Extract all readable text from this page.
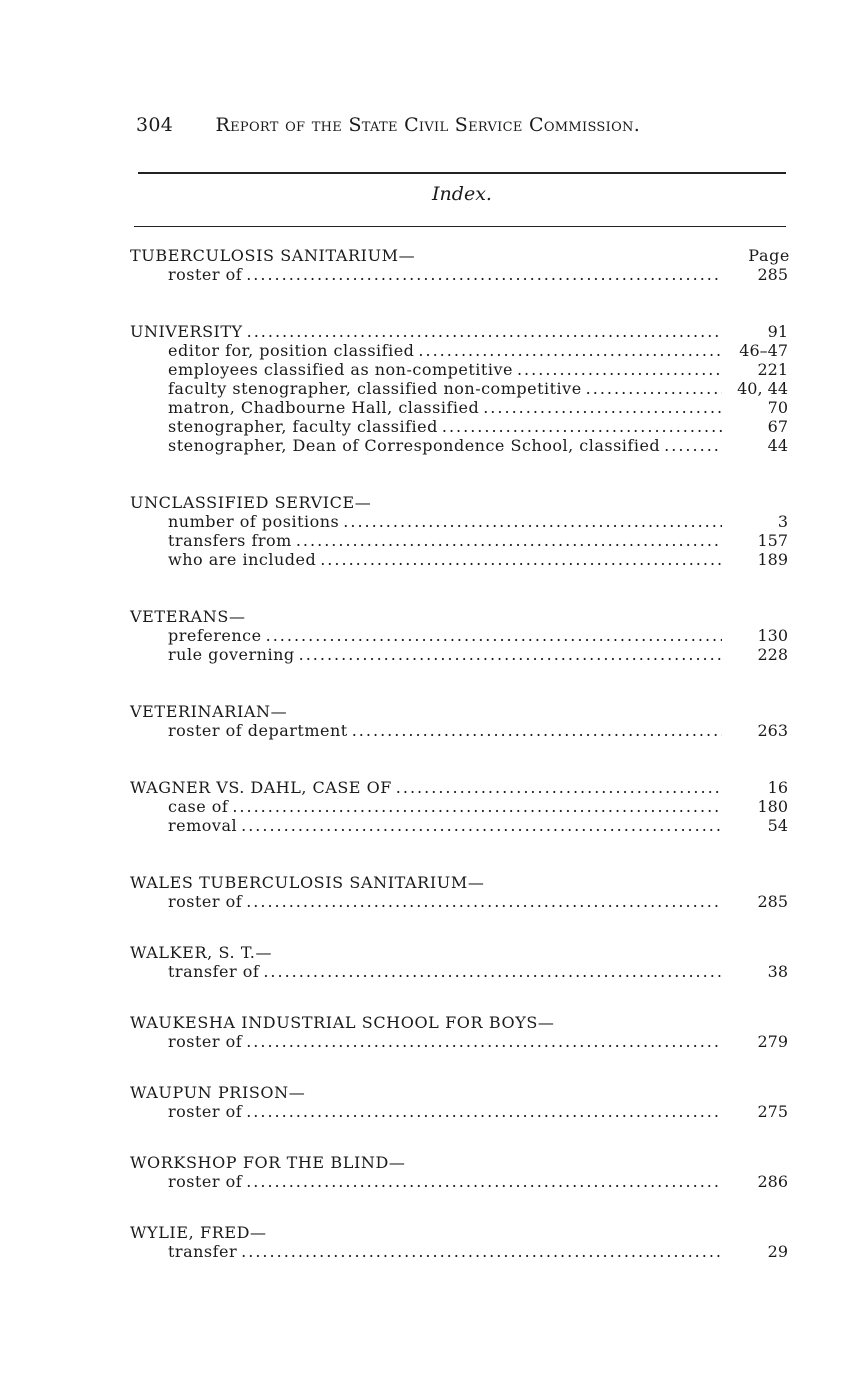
304 Report of the State Civil Service Commission.
Index.
TUBERCULOSIS SANITARIUM—	Page
roster of .....	285
UNIVERSITY .....	91
editor for, position classified .....	46–47
employees classified as non-competitive .....	221
faculty stenographer, classified non-competitive .....	40, 44
matron, Chadbourne Hall, classified .....	70
stenographer, faculty classified .....	67
stenographer, Dean of Correspondence School, classified .....	44
UNCLASSIFIED SERVICE—
number of positions .....	3
transfers from .....	157
who are included .....	189
VETERANS—
preference .....	130
rule governing .....	228
VETERINARIAN—
roster of department .....	263
WAGNER VS. DAHL, CASE OF .....	16
case of .....	180
removal .....	54
WALES TUBERCULOSIS SANITARIUM—
roster of .....	285
WALKER, S. T.—
transfer of .....	38
WAUKESHA INDUSTRIAL SCHOOL FOR BOYS—
roster of .....	279
WAUPUN PRISON—
roster of .....	275
WORKSHOP FOR THE BLIND—
roster of .....	286
WYLIE, FRED—
transfer .....	29
